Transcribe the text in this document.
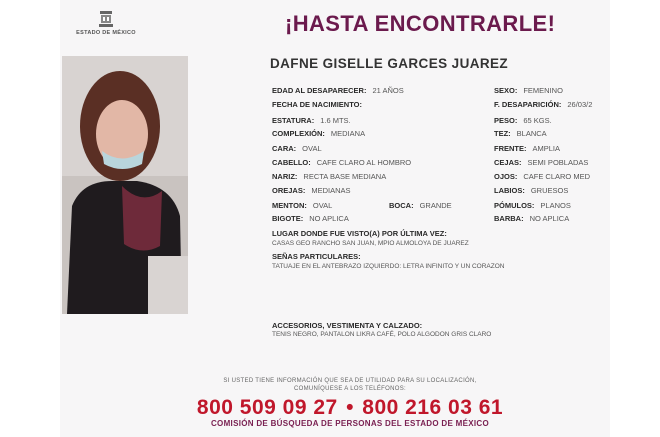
ESTADO DE MÉXICO	¡HASTA ENCONTRARLE!
DAFNE GISELLE GARCES JUAREZ
EDAD AL DESAPARECER: 21 AÑOS
FECHA DE NACIMIENTO:
ESTATURA: 1.6 MTS.
COMPLEXIÓN: MEDIANA
CARA: OVAL
CABELLO: CAFE CLARO AL HOMBRO
NARIZ: RECTA BASE MEDIANA
OREJAS: MEDIANAS
MENTON: OVAL	BOCA: GRANDE
BIGOTE: NO APLICA
SEXO: FEMENINO
F. DESAPARICIÓN: 26/03/2
PESO: 65 KGS.
TEZ: BLANCA
FRENTE: AMPLIA
CEJAS: SEMI POBLADAS
OJOS: CAFE CLARO MED
LABIOS: GRUESOS
PÓMULOS: PLANOS
BARBA: NO APLICA
LUGAR DONDE FUE VISTO(A) POR ÚLTIMA VEZ:
CASAS GEO RANCHO SAN JUAN, MPIO ALMOLOYA DE JUAREZ
SEÑAS PARTICULARES:
TATUAJE EN EL ANTEBRAZO IZQUIERDO: LETRA INFINITO Y UN CORAZON
ACCESORIOS, VESTIMENTA Y CALZADO:
TENIS NEGRO, PANTALON LIKRA CAFÉ, POLO ALGODON GRIS CLARO
SI USTED TIENE INFORMACIÓN QUE SEA DE UTILIDAD PARA SU LOCALIZACIÓN,
COMUNÍQUESE A LOS TELÉFONOS:
800 509 09 27 • 800 216 03 61
COMISIÓN DE BÚSQUEDA DE PERSONAS DEL ESTADO DE MÉXICO
